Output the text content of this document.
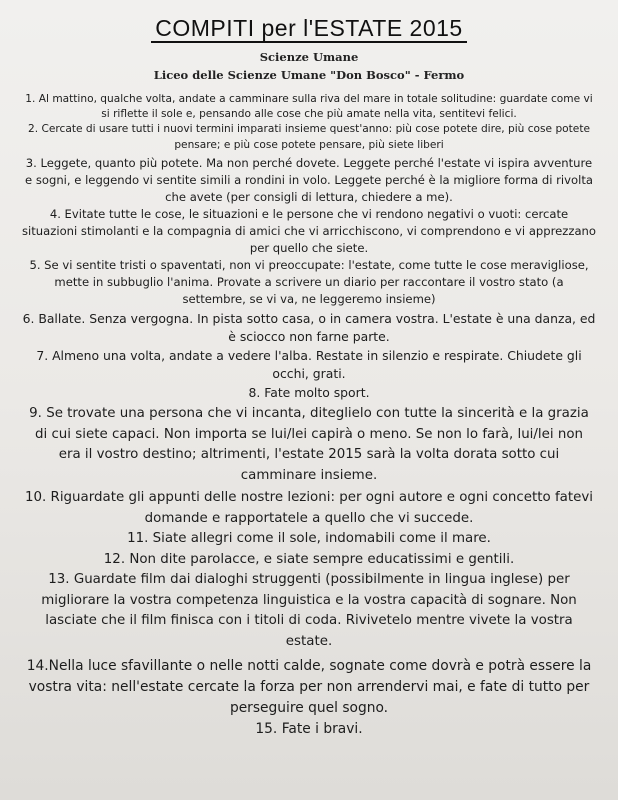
COMPITI per l'ESTATE 2015
Scienze Umane
Liceo delle Scienze Umane "Don Bosco" - Fermo

1. Al mattino, qualche volta, andate a camminare sulla riva del mare in totale solitudine: guardate come vi si riflette il sole e, pensando alle cose che più amate nella vita, sentitevi felici.

2. Cercate di usare tutti i nuovi termini imparati insieme quest'anno: più cose potete dire, più cose potete pensare; e più cose potete pensare, più siete liberi

3. Leggete, quanto più potete. Ma non perché dovete. Leggete perché l'estate vi ispira avventure e sogni, e leggendo vi sentite simili a rondini in volo. Leggete perché è la migliore forma di rivolta che avete (per consigli di lettura, chiedere a me).

4. Evitate tutte le cose, le situazioni e le persone che vi rendono negativi o vuoti: cercate situazioni stimolanti e la compagnia di amici che vi arricchiscono, vi comprendono e vi apprezzano per quello che siete.

5. Se vi sentite tristi o spaventati, non vi preoccupate: l'estate, come tutte le cose meravigliose, mette in subbuglio l'anima. Provate a scrivere un diario per raccontare il vostro stato (a settembre, se vi va, ne leggeremo insieme)

6. Ballate. Senza vergogna. In pista sotto casa, o in camera vostra. L'estate è una danza, ed è sciocco non farne parte.

7. Almeno una volta, andate a vedere l'alba. Restate in silenzio e respirate. Chiudete gli occhi, grati.

8. Fate molto sport.

9. Se trovate una persona che vi incanta, diteglielo con tutte la sincerità e la grazia di cui siete capaci. Non importa se lui/lei capirà o meno. Se non lo farà, lui/lei non era il vostro destino; altrimenti, l'estate 2015 sarà la volta dorata sotto cui camminare insieme.

10. Riguardate gli appunti delle nostre lezioni: per ogni autore e ogni concetto fatevi domande e rapportatele a quello che vi succede.

11. Siate allegri come il sole, indomabili come il mare.

12. Non dite parolacce, e siate sempre educatissimi e gentili.

13. Guardate film dai dialoghi struggenti (possibilmente in lingua inglese) per migliorare la vostra competenza linguistica e la vostra capacità di sognare. Non lasciate che il film finisca con i titoli di coda. Rivivetelo mentre vivete la vostra estate.

14.Nella luce sfavillante o nelle notti calde, sognate come dovrà e potrà essere la vostra vita: nell'estate cercate la forza per non arrendervi mai, e fate di tutto per perseguire quel sogno.

15. Fate i bravi.
